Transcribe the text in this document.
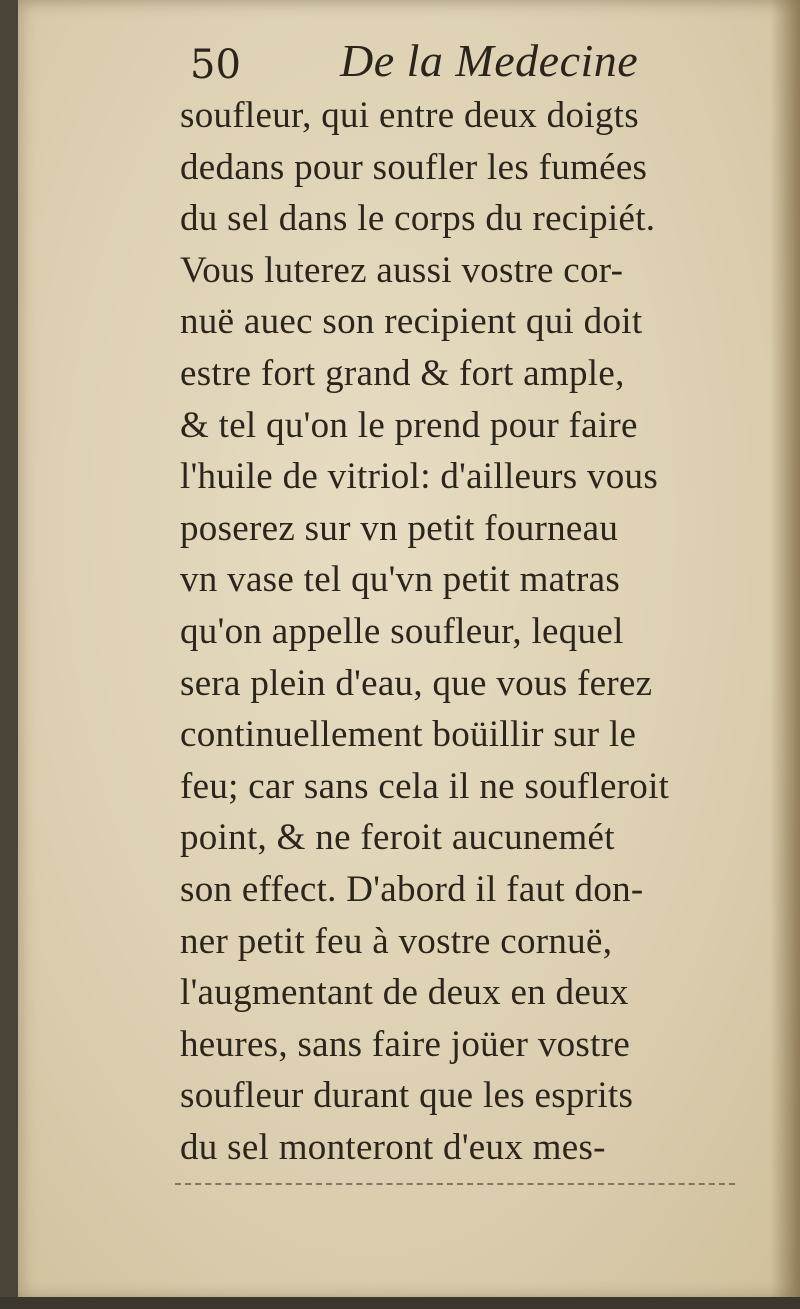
50 De la Medecine
soufleur, qui entre deux doigts
dedans pour soufler les fumées
du sel dans le corps du recipiét.
Vous luterez aussi vostre cor-
nuë auec son recipient qui doit
estre fort grand & fort ample,
& tel qu'on le prend pour faire
l'huile de vitriol: d'ailleurs vous
poserez sur vn petit fourneau
vn vase tel qu'vn petit matras
qu'on appelle soufleur, lequel
sera plein d'eau, que vous ferez
continuellement boüillir sur le
feu; car sans cela il ne soufleroit
point, & ne feroit aucunemét
son effect. D'abord il faut don-
ner petit feu à vostre cornuë,
l'augmentant de deux en deux
heures, sans faire joüer vostre
soufleur durant que les esprits
du sel monteront d'eux mes-
